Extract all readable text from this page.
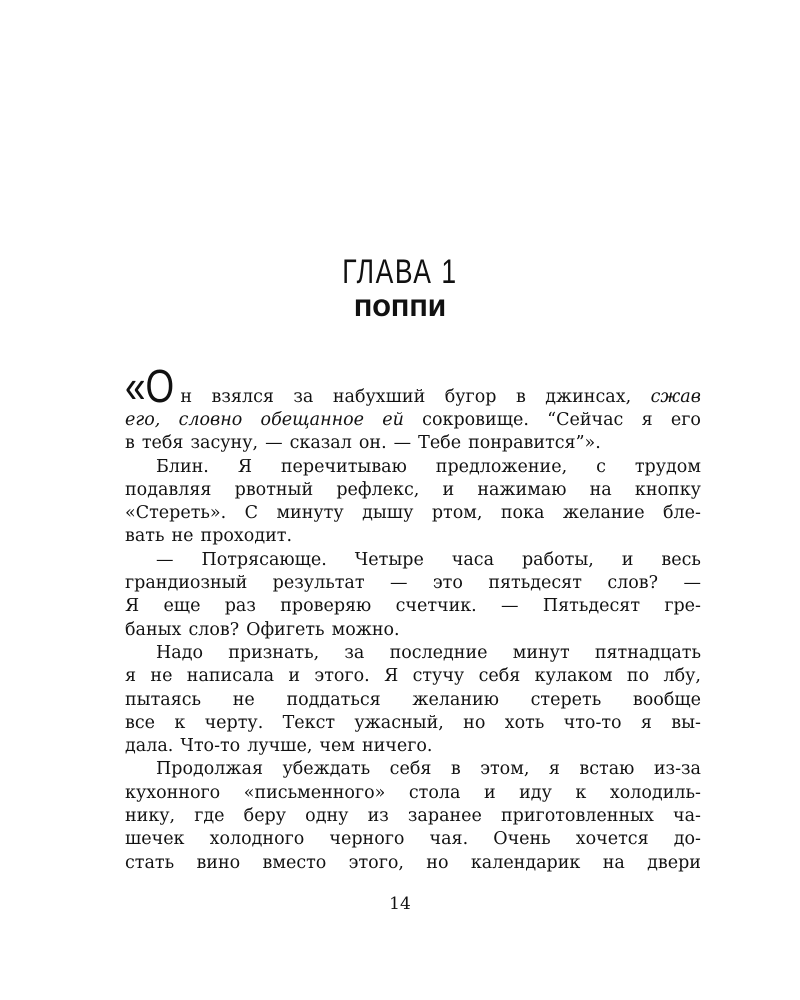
ГЛАВА 1
ПОППИ
«Он взялся за набухший бугор в джинсах, сжав
его, словно обещанное ей сокровище. “Сейчас я его
в тебя засуну, — сказал он. — Тебе понравится”».
Блин. Я перечитываю предложение, с трудом
подавляя рвотный рефлекс, и нажимаю на кнопку
«Стереть». С минуту дышу ртом, пока желание бле-
вать не проходит.
— Потрясающе. Четыре часа работы, и весь
грандиозный результат — это пятьдесят слов? —
Я еще раз проверяю счетчик. — Пятьдесят гре-
баных слов? Офигеть можно.
Надо признать, за последние минут пятнадцать
я не написала и этого. Я стучу себя кулаком по лбу,
пытаясь не поддаться желанию стереть вообще
все к черту. Текст ужасный, но хоть что-то я вы-
дала. Что-то лучше, чем ничего.
Продолжая убеждать себя в этом, я встаю из-за
кухонного «письменного» стола и иду к холодиль-
нику, где беру одну из заранее приготовленных ча-
шечек холодного черного чая. Очень хочется до-
стать вино вместо этого, но календарик на двери
14
